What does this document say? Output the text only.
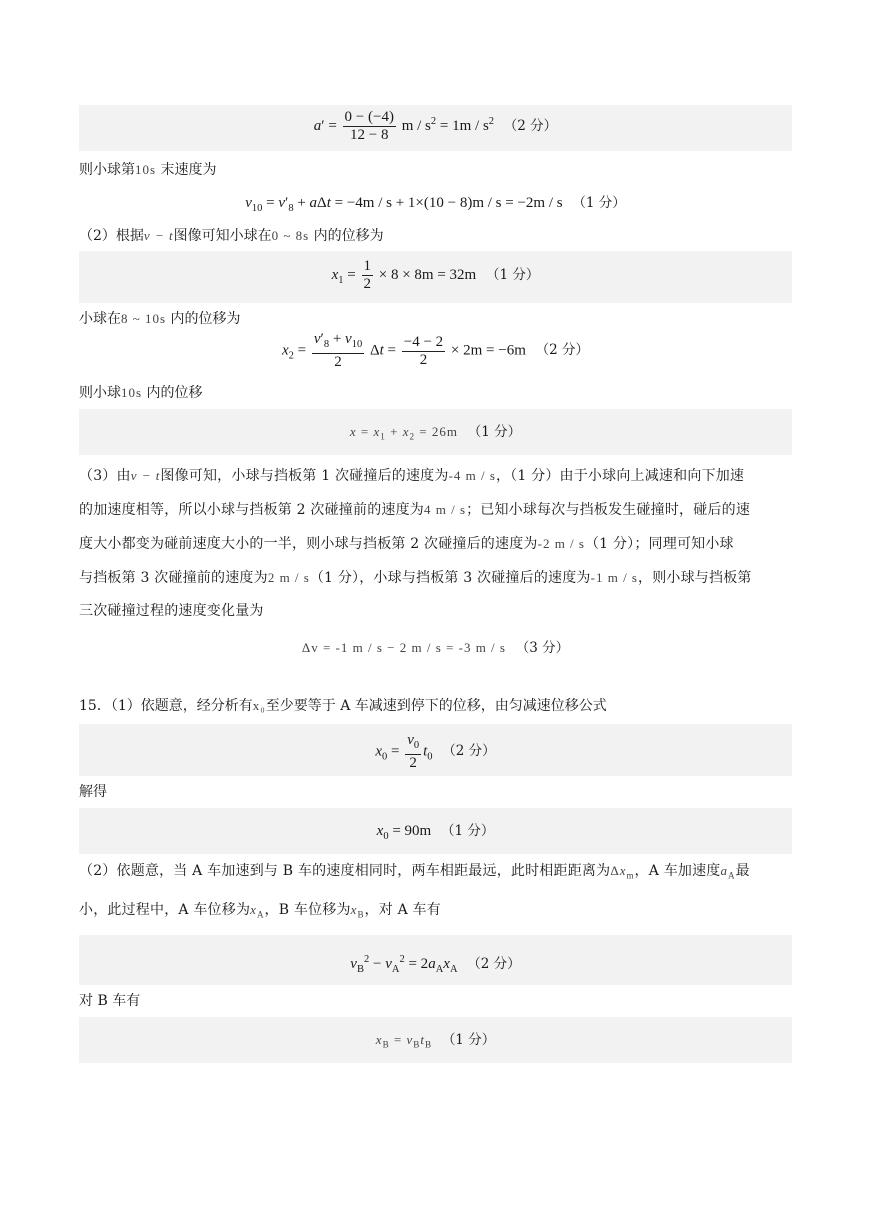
$a' = \frac{0 - (-4)}{12 - 8}$ $m / s^2 = 1m / s^2$ （2 分）
则小球第10s 末速度为
$v_{10} = v'_8 + a\Delta t = -4m / s + 1\times(10 - 8)m / s = -2m / s$ （1 分）
（2）根据v − t图像可知小球在0 ~ 8s 内的位移为
$x_1 = \frac{1}{2} \times 8 \times 8m = 32m$ （1 分）
小球在8 ~ 10s 内的位移为
$x_2 = \frac{v'_8 + v_{10}}{2}$ $\Delta t = \frac{-4 - 2}{2} \times 2m = -6m$ （2 分）
则小球10s 内的位移
$x = x_1 + x_2 = 26m$ （1 分）
（3）由v − t图像可知，小球与挡板第 1 次碰撞后的速度为-4 m / s，（1 分）由于小球向上减速和向下加速
的加速度相等，所以小球与挡板第 2 次碰撞前的速度为4 m / s；已知小球每次与挡板发生碰撞时，碰后的速
度大小都变为碰前速度大小的一半，则小球与挡板第 2 次碰撞后的速度为-2 m / s（1 分）；同理可知小球
与挡板第 3 次碰撞前的速度为2 m / s（1 分），小球与挡板第 3 次碰撞后的速度为-1 m / s，则小球与挡板第
三次碰撞过程的速度变化量为
Δv = -1 m / s − 2 m / s = -3 m / s （3 分）
15．（1）依题意，经分析有x₀至少要等于 A 车减速到停下的位移，由匀减速位移公式
$x_0 = \frac{v_0}{2} t_0$ （2 分）
解得
$x_0 = 90m$ （1 分）
（2）依题意，当 A 车加速到与 B 车的速度相同时，两车相距最远，此时相距距离为$\Delta x_m$，A 车加速度$a_A$最
小，此过程中，A 车位移为$x_A$，B 车位移为$x_B$，对 A 车有
$v_B^2 - v_A^2 = 2a_Ax_A$ （2 分）
对 B 车有
$x_B = v_Bt_B$ （1 分）
